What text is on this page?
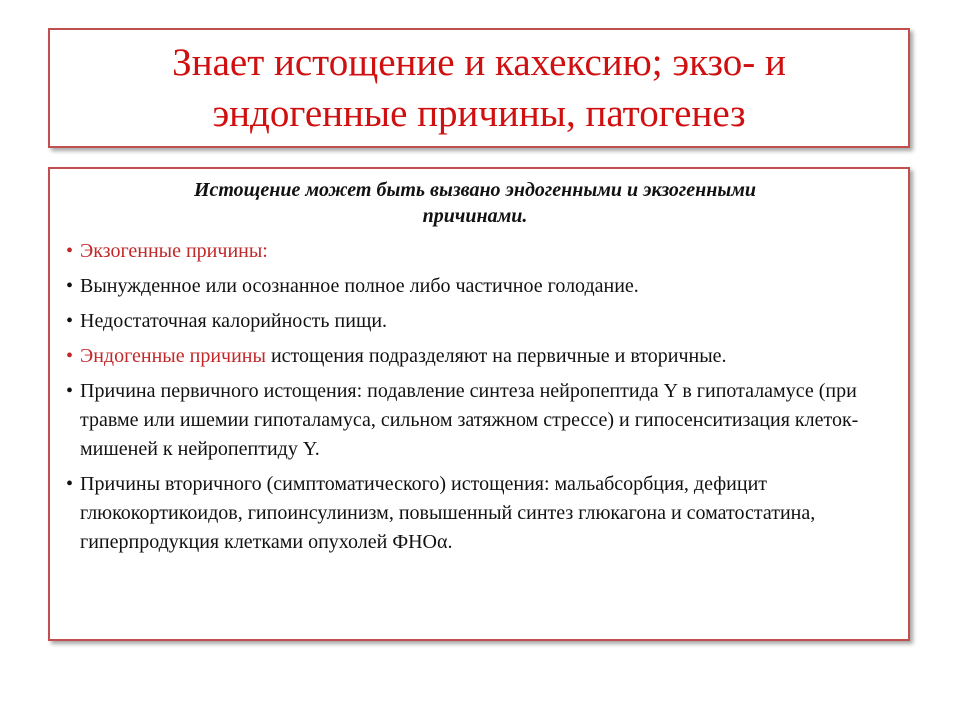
Знает истощение и кахексию; экзо- и
эндогенные причины, патогенез

Истощение может быть вызвано эндогенными и экзогенными
причинами.

• Экзогенные причины:
• Вынужденное или осознанное полное либо частичное голодание.
• Недостаточная калорийность пищи.
• Эндогенные причины истощения подразделяют на первичные и вторичные.
• Причина первичного истощения: подавление синтеза нейропептида Y в гипоталамусе (при травме или ишемии гипоталамуса, сильном затяжном стрессе) и гипосенситизация клеток-мишеней к нейропептиду Y.
• Причины вторичного (симптоматического) истощения: мальабсорбция, дефицит глюкокортикоидов, гипоинсулинизм, повышенный синтез глюкагона и соматостатина, гиперпродукция клетками опухолей ФНОα.
